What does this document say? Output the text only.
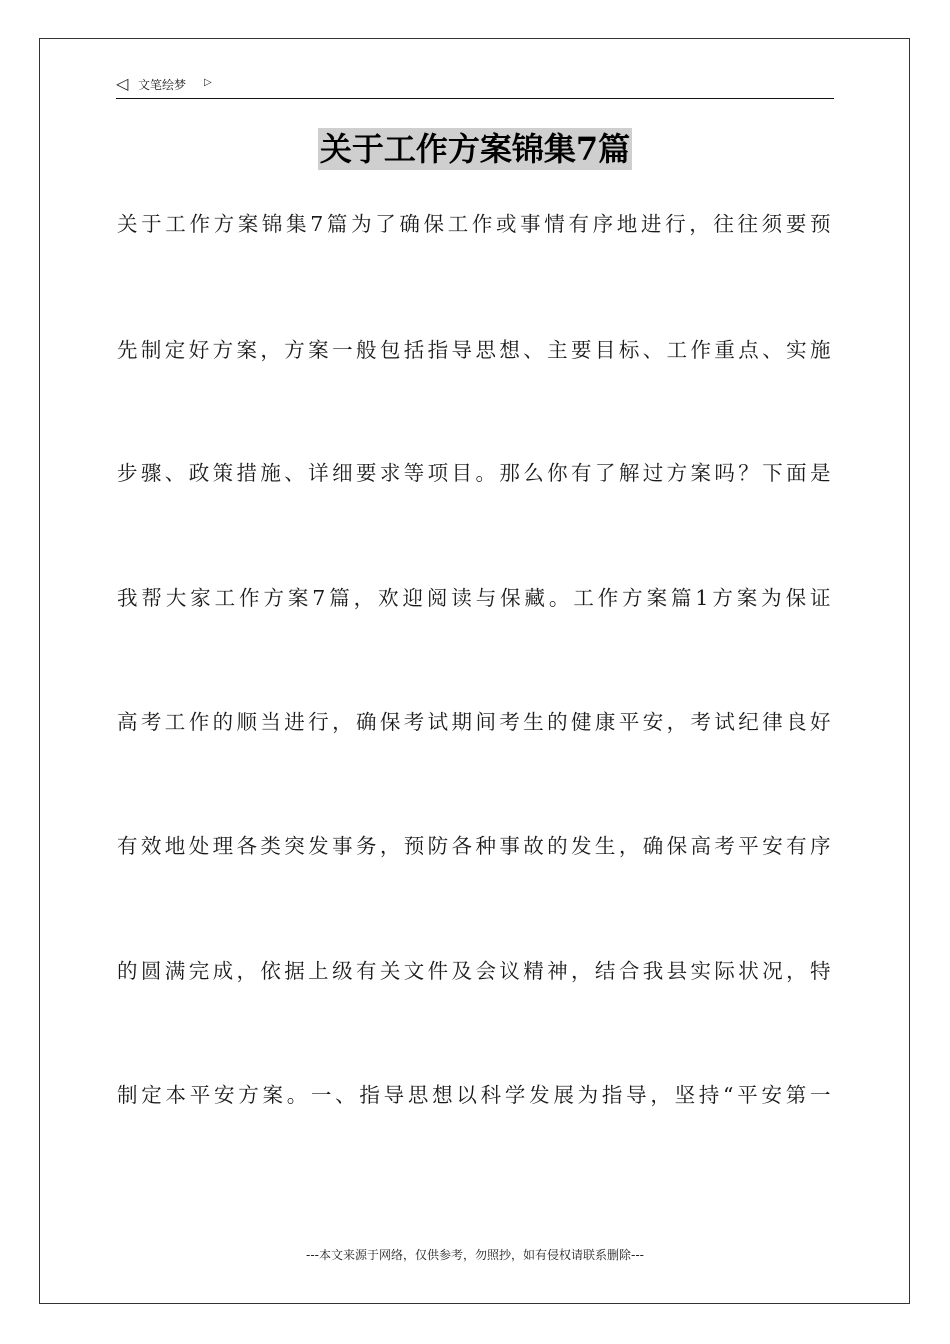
◁ 文笔绘梦 ▷
关于工作方案锦集7篇
关于工作方案锦集7篇为了确保工作或事情有序地进行，往往须要预
先制定好方案，方案一般包括指导思想、主要目标、工作重点、实施
步骤、政策措施、详细要求等项目。那么你有了解过方案吗？下面是
我帮大家工作方案7篇，欢迎阅读与保藏。工作方案篇1方案为保证
高考工作的顺当进行，确保考试期间考生的健康平安，考试纪律良好
有效地处理各类突发事务，预防各种事故的发生，确保高考平安有序
的圆满完成，依据上级有关文件及会议精神，结合我县实际状况，特
制定本平安方案。一、指导思想以科学发展为指导，坚持“平安第一
---本文来源于网络，仅供参考，勿照抄，如有侵权请联系删除---
